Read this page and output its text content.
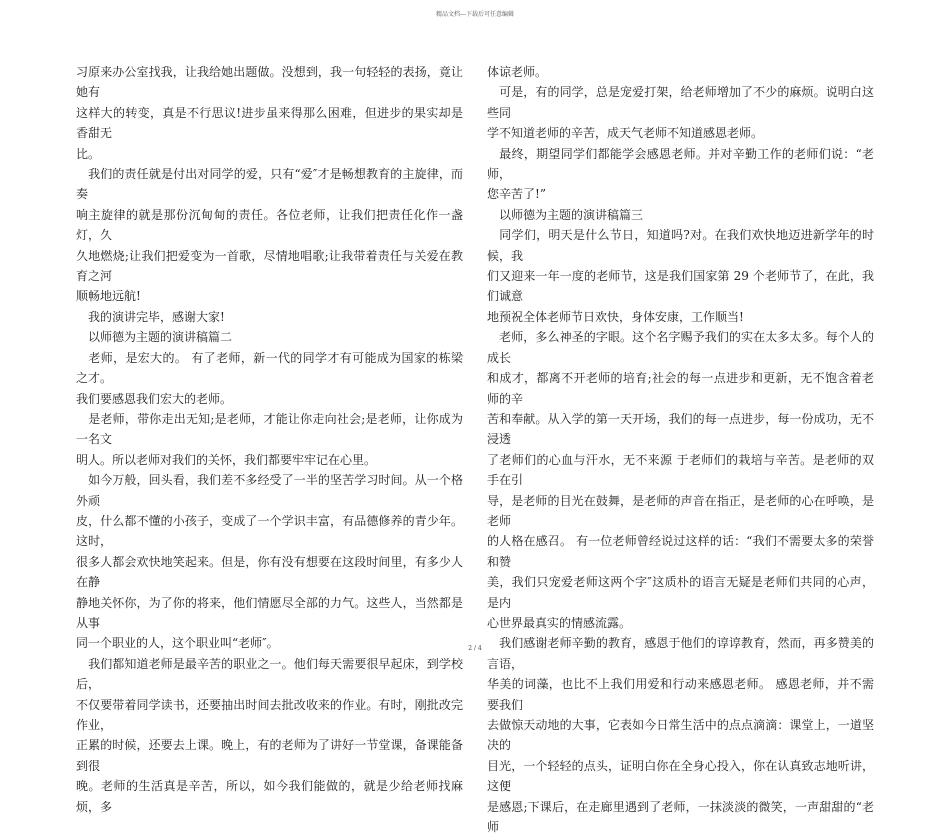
精品文档---下载后可任意编辑

习原来办公室找我，让我给她出题做。没想到，我一句轻轻的表扬，竟让她有

这样大的转变，真是不行思议!进步虽来得那么困难，但进步的果实却是香甜无

比。

　我们的责任就是付出对同学的爱，只有“爱″才是畅想教育的主旋律，而奏

响主旋律的就是那份沉甸甸的责任。各位老师，让我们把责任化作一盏灯，久

久地燃烧;让我们把爱变为一首歌，尽情地唱歌;让我带着责任与关爱在教育之河

顺畅地远航!

　我的演讲完毕，感谢大家!

　以师德为主题的演讲稿篇二

　老师，是宏大的。 有了老师，新一代的同学才有可能成为国家的栋梁之才。

我们要感恩我们宏大的老师。

　是老师，带你走出无知;是老师，才能让你走向社会;是老师，让你成为一名文

明人。所以老师对我们的关怀，我们都要牢牢记在心里。

　如今万般，回头看，我们差不多经受了一半的坚苦学习时间。从一个格外顽

皮，什么都不懂的小孩子，变成了一个学识丰富，有品德修养的青少年。这时，

很多人都会欢快地笑起来。但是，你有没有想要在这段时间里，有多少人在静

静地关怀你，为了你的将来，他们情愿尽全部的力气。这些人，当然都是从事

同一个职业的人，这个职业叫“老师″。

　我们都知道老师是最辛苦的职业之一。他们每天需要很早起床，到学校后，

不仅要带着同学读书，还要抽出时间去批改收来的作业。有时，刚批改完作业，

正累的时候，还要去上课。晚上，有的老师为了讲好一节堂课，备课能备到很

晚。老师的生活真是辛苦，所以，如今我们能做的，就是少给老师找麻烦，多

体谅老师。

　可是，有的同学，总是宠爱打架，给老师增加了不少的麻烦。说明白这些同

学不知道老师的辛苦，成天气老师不知道感恩老师。

　最终，期望同学们都能学会感恩老师。并对辛勤工作的老师们说：“老师，

您辛苦了!”

　以师德为主题的演讲稿篇三

　同学们，明天是什么节日，知道吗?对。在我们欢快地迈进新学年的时候，我

们又迎来一年一度的老师节，这是我们国家第 29 个老师节了，在此，我们诚意

地预祝全体老师节日欢快，身体安康，工作顺当!

　老师，多么神圣的字眼。这个名字赐予我们的实在太多太多。每个人的成长

和成才，都离不开老师的培育;社会的每一点进步和更新，无不饱含着老师的辛

苦和奉献。从入学的第一天开场，我们的每一点进步，每一份成功，无不浸透

了老师们的心血与汗水，无不来源 于老师们的栽培与辛苦。是老师的双手在引

导，是老师的目光在鼓舞，是老师的声音在指正，是老师的心在呼唤，是老师

的人格在感召。 有一位老师曾经说过这样的话：“我们不需要太多的荣誉和赞

美，我们只宠爱老师这两个字″这质朴的语言无疑是老师们共同的心声，是内

心世界最真实的情感流露。

　我们感谢老师辛勤的教育，感恩于他们的谆谆教育，然而，再多赞美的言语，

华美的词藻，也比不上我们用爱和行动来感恩老师。 感恩老师，并不需要我们

去做惊天动地的大事，它表如今日常生活中的点点滴滴：课堂上，一道坚决的

目光，一个轻轻的点头，证明白你在全身心投入，你在认真致志地听讲，这便

是感恩;下课后，在走廊里遇到了老师，一抹淡淡的微笑，一声甜甜的“老师

2 / 4
